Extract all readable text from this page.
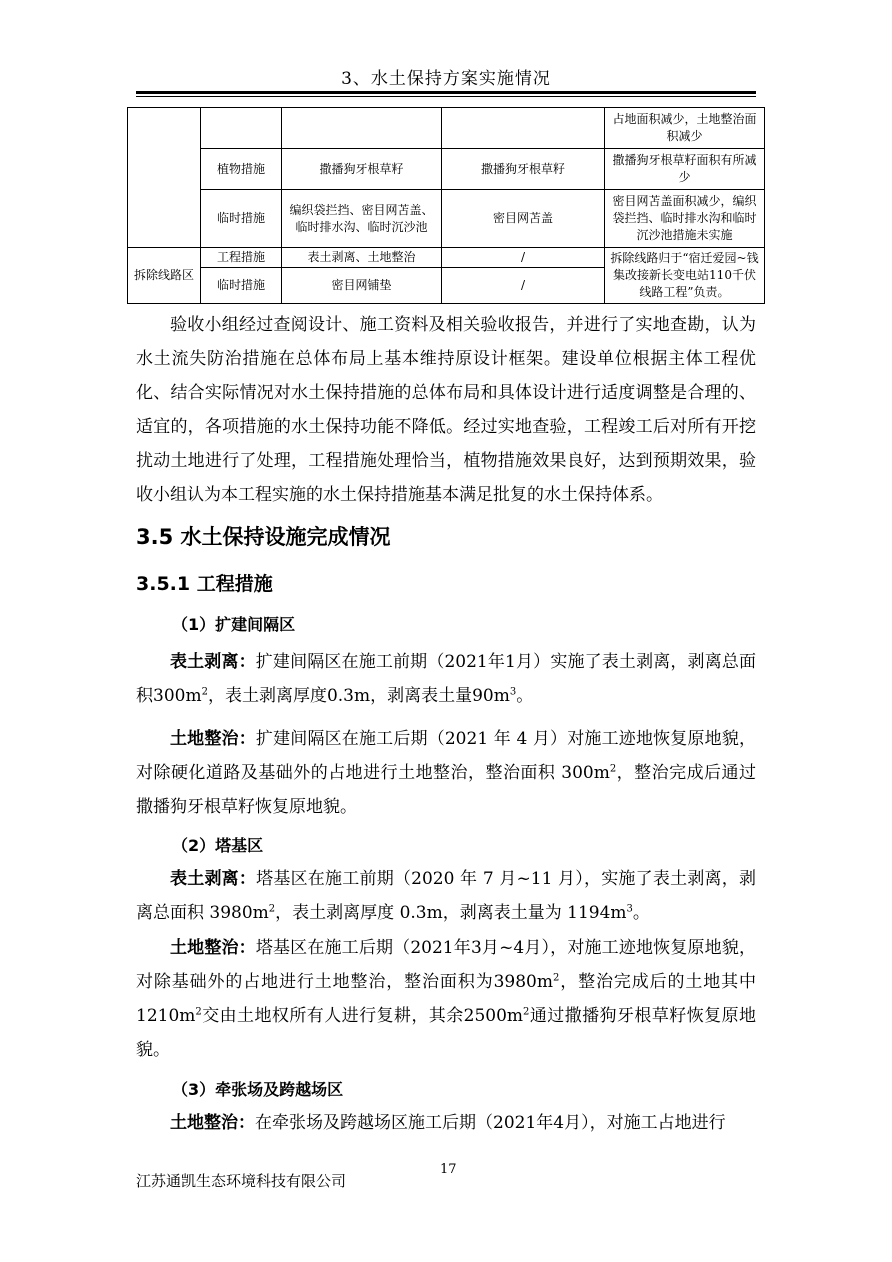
3、水土保持方案实施情况
				占地面积减少，土地整治面积减少
	植物措施	撒播狗牙根草籽	撒播狗牙根草籽	撒播狗牙根草籽面积有所减少
	临时措施	编织袋拦挡、密目网苫盖、临时排水沟、临时沉沙池	密目网苫盖	密目网苫盖面积减少，编织袋拦挡、临时排水沟和临时沉沙池措施未实施
拆除线路区	工程措施	表土剥离、土地整治	/	拆除线路归于“宿迁爱园~钱集改接新长变电站110千伏线路工程”负责。
	临时措施	密目网铺垫	/	

验收小组经过查阅设计、施工资料及相关验收报告，并进行了实地查勘，认为水土流失防治措施在总体布局上基本维持原设计框架。建设单位根据主体工程优化、结合实际情况对水土保持措施的总体布局和具体设计进行适度调整是合理的、适宜的，各项措施的水土保持功能不降低。经过实地查验，工程竣工后对所有开挖扰动土地进行了处理，工程措施处理恰当，植物措施效果良好，达到预期效果，验收小组认为本工程实施的水土保持措施基本满足批复的水土保持体系。

3.5 水土保持设施完成情况
3.5.1 工程措施
（1）扩建间隔区

表土剥离：扩建间隔区在施工前期（2021年1月）实施了表土剥离，剥离总面积$300m^2$，表土剥离厚度0.3m，剥离表土量$90m^3$。

土地整治：扩建间隔区在施工后期（2021 年 4 月）对施工迹地恢复原地貌，对除硬化道路及基础外的占地进行土地整治，整治面积 $300m^2$，整治完成后通过撒播狗牙根草籽恢复原地貌。

（2）塔基区

表土剥离：塔基区在施工前期（2020 年 7 月~11 月），实施了表土剥离，剥离总面积 $3980m^2$，表土剥离厚度 0.3m，剥离表土量为 $1194m^3$。

土地整治：塔基区在施工后期（2021年3月~4月），对施工迹地恢复原地貌，对除基础外的占地进行土地整治，整治面积为$3980m^2$，整治完成后的土地其中$1210m^2$交由土地权所有人进行复耕，其余$2500m^2$通过撒播狗牙根草籽恢复原地貌。

（3）牵张场及跨越场区

土地整治：在牵张场及跨越场区施工后期（2021年4月），对施工占地进行

17
江苏通凯生态环境科技有限公司
